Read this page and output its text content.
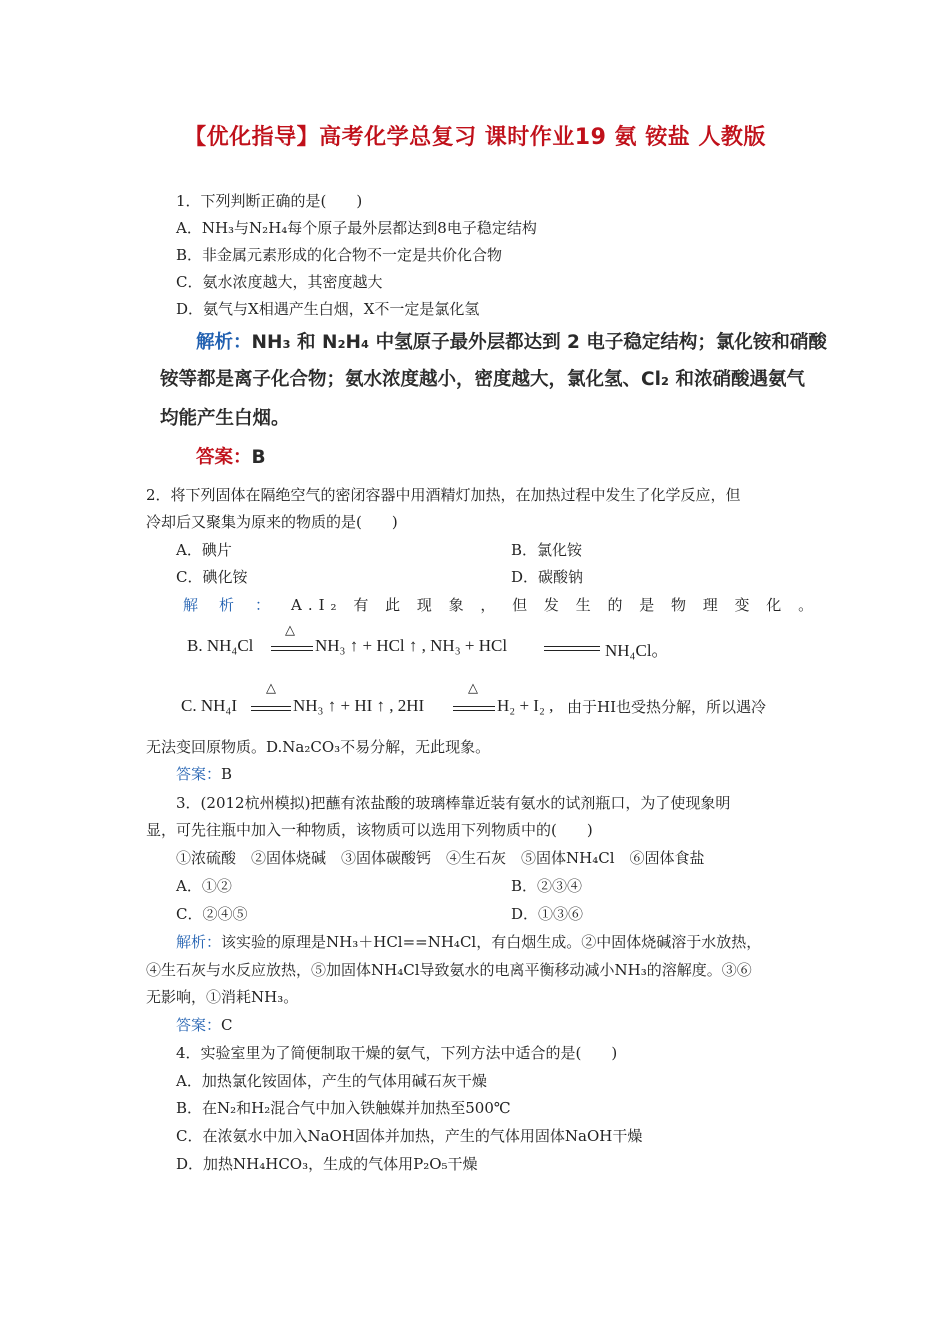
【优化指导】高考化学总复习 课时作业19 氨 铵盐 人教版
1．下列判断正确的是(　　)
A．NH₃与N₂H₄每个原子最外层都达到8电子稳定结构
B．非金属元素形成的化合物不一定是共价化合物
C．氨水浓度越大，其密度越大
D．氨气与X相遇产生白烟，X不一定是氯化氢
解析：NH₃ 和 N₂H₄ 中氢原子最外层都达到 2 电子稳定结构；氯化铵和硝酸
铵等都是离子化合物；氨水浓度越小，密度越大，氯化氢、Cl₂ 和浓硝酸遇氨气
均能产生白烟。
答案：B
2．将下列固体在隔绝空气的密闭容器中用酒精灯加热，在加热过程中发生了化学反应，但
冷却后又聚集为原来的物质的是(　　)
A．碘片	B．氯化铵
C．碘化铵	D．碳酸钠
解析：A.I₂ 有 此 现 象 ， 但 发 生 的 是 物 理 变 化 。
B. NH₄Cl
△
NH₃ ↑ + HCl ↑ , NH₃ + HCl	NH₄Cl。
C. NH₄I
△
NH₃ ↑ + HI ↑ , 2HI
△
H₂ + I₂ , 由于HI也受热分解，所以遇冷
无法变回原物质。D.Na₂CO₃不易分解，无此现象。
答案：B
3．(2012杭州模拟)把蘸有浓盐酸的玻璃棒靠近装有氨水的试剂瓶口，为了使现象明
显，可先往瓶中加入一种物质，该物质可以选用下列物质中的(　　)
①浓硫酸　②固体烧碱　③固体碳酸钙　④生石灰　⑤固体NH₄Cl　⑥固体食盐
A．①②	B．②③④
C．②④⑤	D．①③⑥
解析：该实验的原理是NH₃＋HCl==NH₄Cl，有白烟生成。②中固体烧碱溶于水放热，
④生石灰与水反应放热，⑤加固体NH₄Cl导致氨水的电离平衡移动减小NH₃的溶解度。③⑥
无影响，①消耗NH₃。
答案：C
4．实验室里为了简便制取干燥的氨气，下列方法中适合的是(　　)
A．加热氯化铵固体，产生的气体用碱石灰干燥
B．在N₂和H₂混合气中加入铁触媒并加热至500℃
C．在浓氨水中加入NaOH固体并加热，产生的气体用固体NaOH干燥
D．加热NH₄HCO₃，生成的气体用P₂O₅干燥
